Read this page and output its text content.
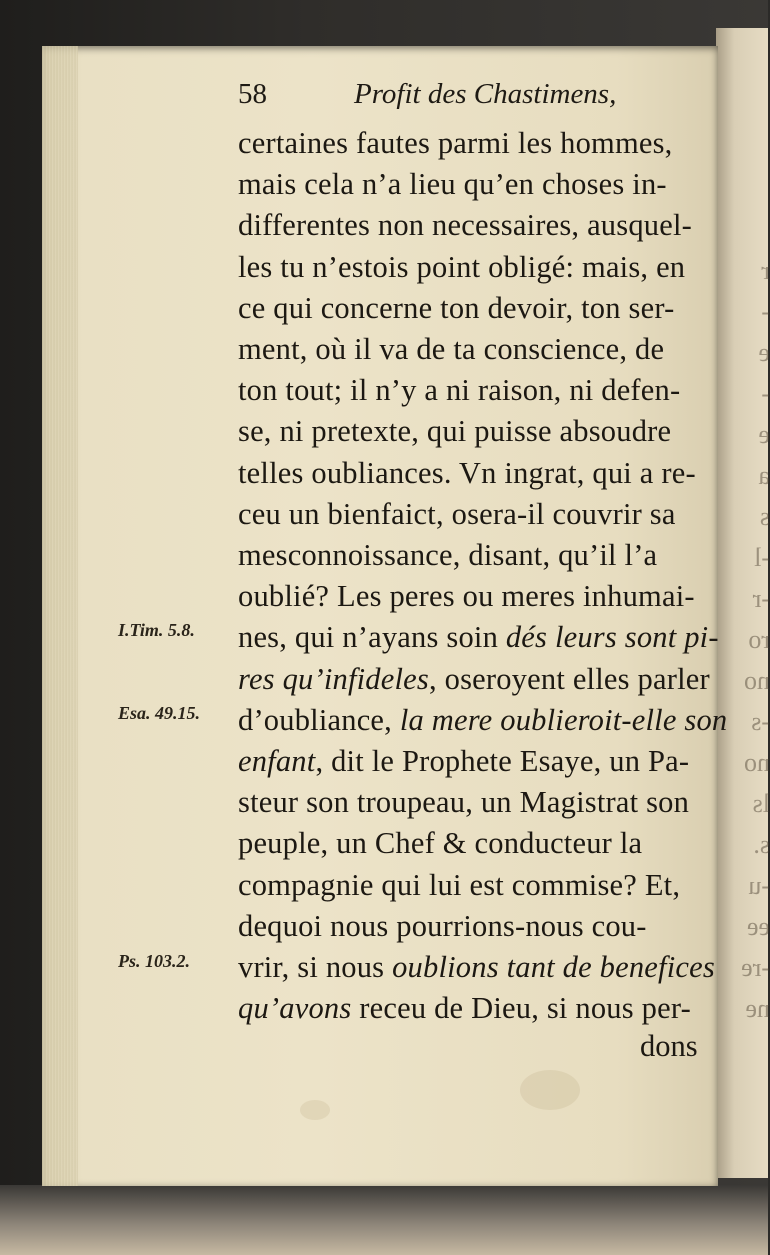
r
-
e
-
e
a
s
-l
-r
ro
no
-s
no
ls
s.
-u
ee
-re
ne
58	Profit des Chastimens,
certaines fautes parmi les hommes,
mais cela n’a lieu qu’en choses in-
differentes non necessaires, ausquel-
les tu n’estois point obligé: mais, en
ce qui concerne ton devoir, ton ser-
ment, où il va de ta conscience, de
ton tout; il n’y a ni raison, ni defen-
se, ni pretexte, qui puisse absoudre
telles oubliances. Vn ingrat, qui a re-
ceu un bienfaict, osera-il couvrir sa
mesconnoissance, disant, qu’il l’a
oublié? Les peres ou meres inhumai-
nes, qui n’ayans soin dés leurs sont pi-
res qu’infideles, oseroyent elles parler
d’oubliance, la mere oublieroit-elle son
enfant, dit le Prophete Esaye, un Pa-
steur son troupeau, un Magistrat son
peuple, un Chef & conducteur la
compagnie qui lui est commise? Et,
dequoi nous pourrions-nous cou-
vrir, si nous oublions tant de benefices
qu’avons receu de Dieu, si nous per-
dons
I.Tim. 5.8.
Esa. 49.15.
Ps. 103.2.
